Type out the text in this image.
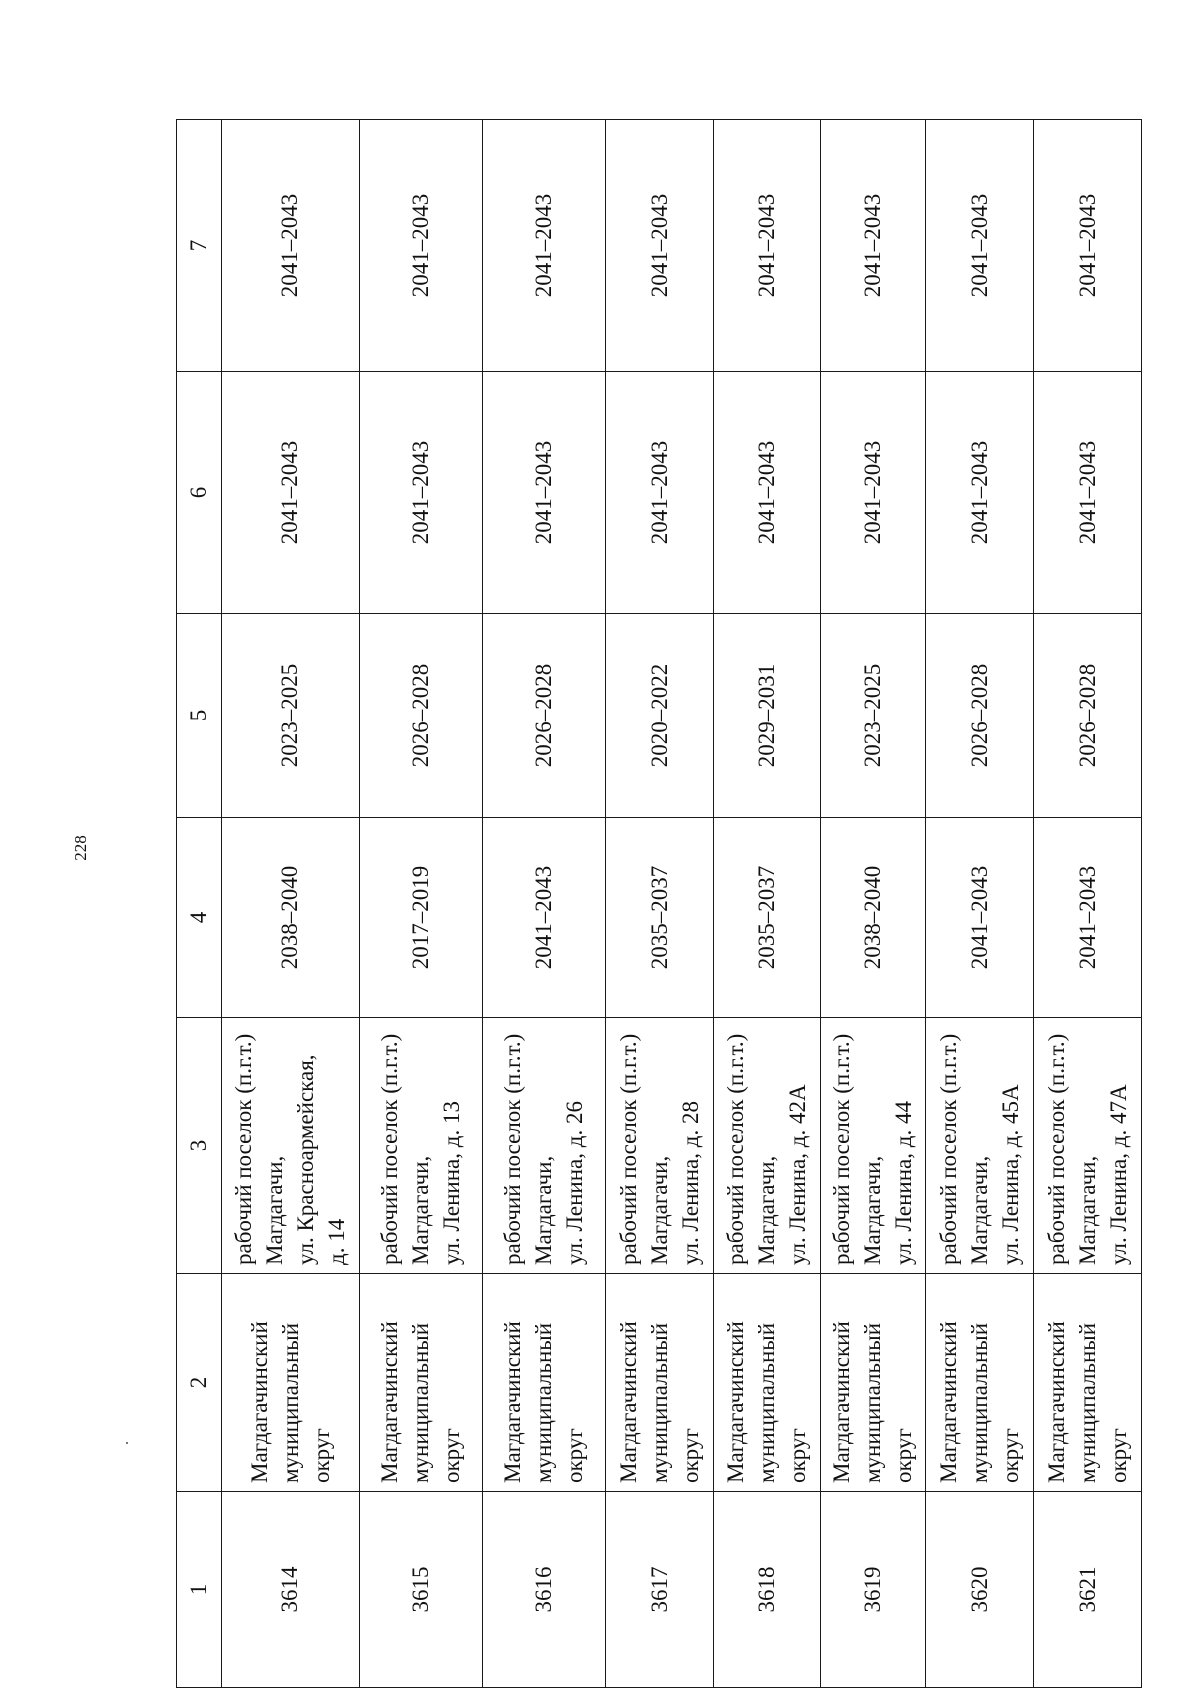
228
1	2	3	4	5	6	7
3614	Магдагачинский муниципальный округ	рабочий поселок (п.г.т.) Магдагачи, ул. Красноармейская, д. 14	2038–2040	2023–2025	2041–2043	2041–2043
3615	Магдагачинский муниципальный округ	рабочий поселок (п.г.т.) Магдагачи, ул. Ленина, д. 13	2017–2019	2026–2028	2041–2043	2041–2043
3616	Магдагачинский муниципальный округ	рабочий поселок (п.г.т.) Магдагачи, ул. Ленина, д. 26	2041–2043	2026–2028	2041–2043	2041–2043
3617	Магдагачинский муниципальный округ	рабочий поселок (п.г.т.) Магдагачи, ул. Ленина, д. 28	2035–2037	2020–2022	2041–2043	2041–2043
3618	Магдагачинский муниципальный округ	рабочий поселок (п.г.т.) Магдагачи, ул. Ленина, д. 42А	2035–2037	2029–2031	2041–2043	2041–2043
3619	Магдагачинский муниципальный округ	рабочий поселок (п.г.т.) Магдагачи, ул. Ленина, д. 44	2038–2040	2023–2025	2041–2043	2041–2043
3620	Магдагачинский муниципальный округ	рабочий поселок (п.г.т.) Магдагачи, ул. Ленина, д. 45А	2041–2043	2026–2028	2041–2043	2041–2043
3621	Магдагачинский муниципальный округ	рабочий поселок (п.г.т.) Магдагачи, ул. Ленина, д. 47А	2041–2043	2026–2028	2041–2043	2041–2043
